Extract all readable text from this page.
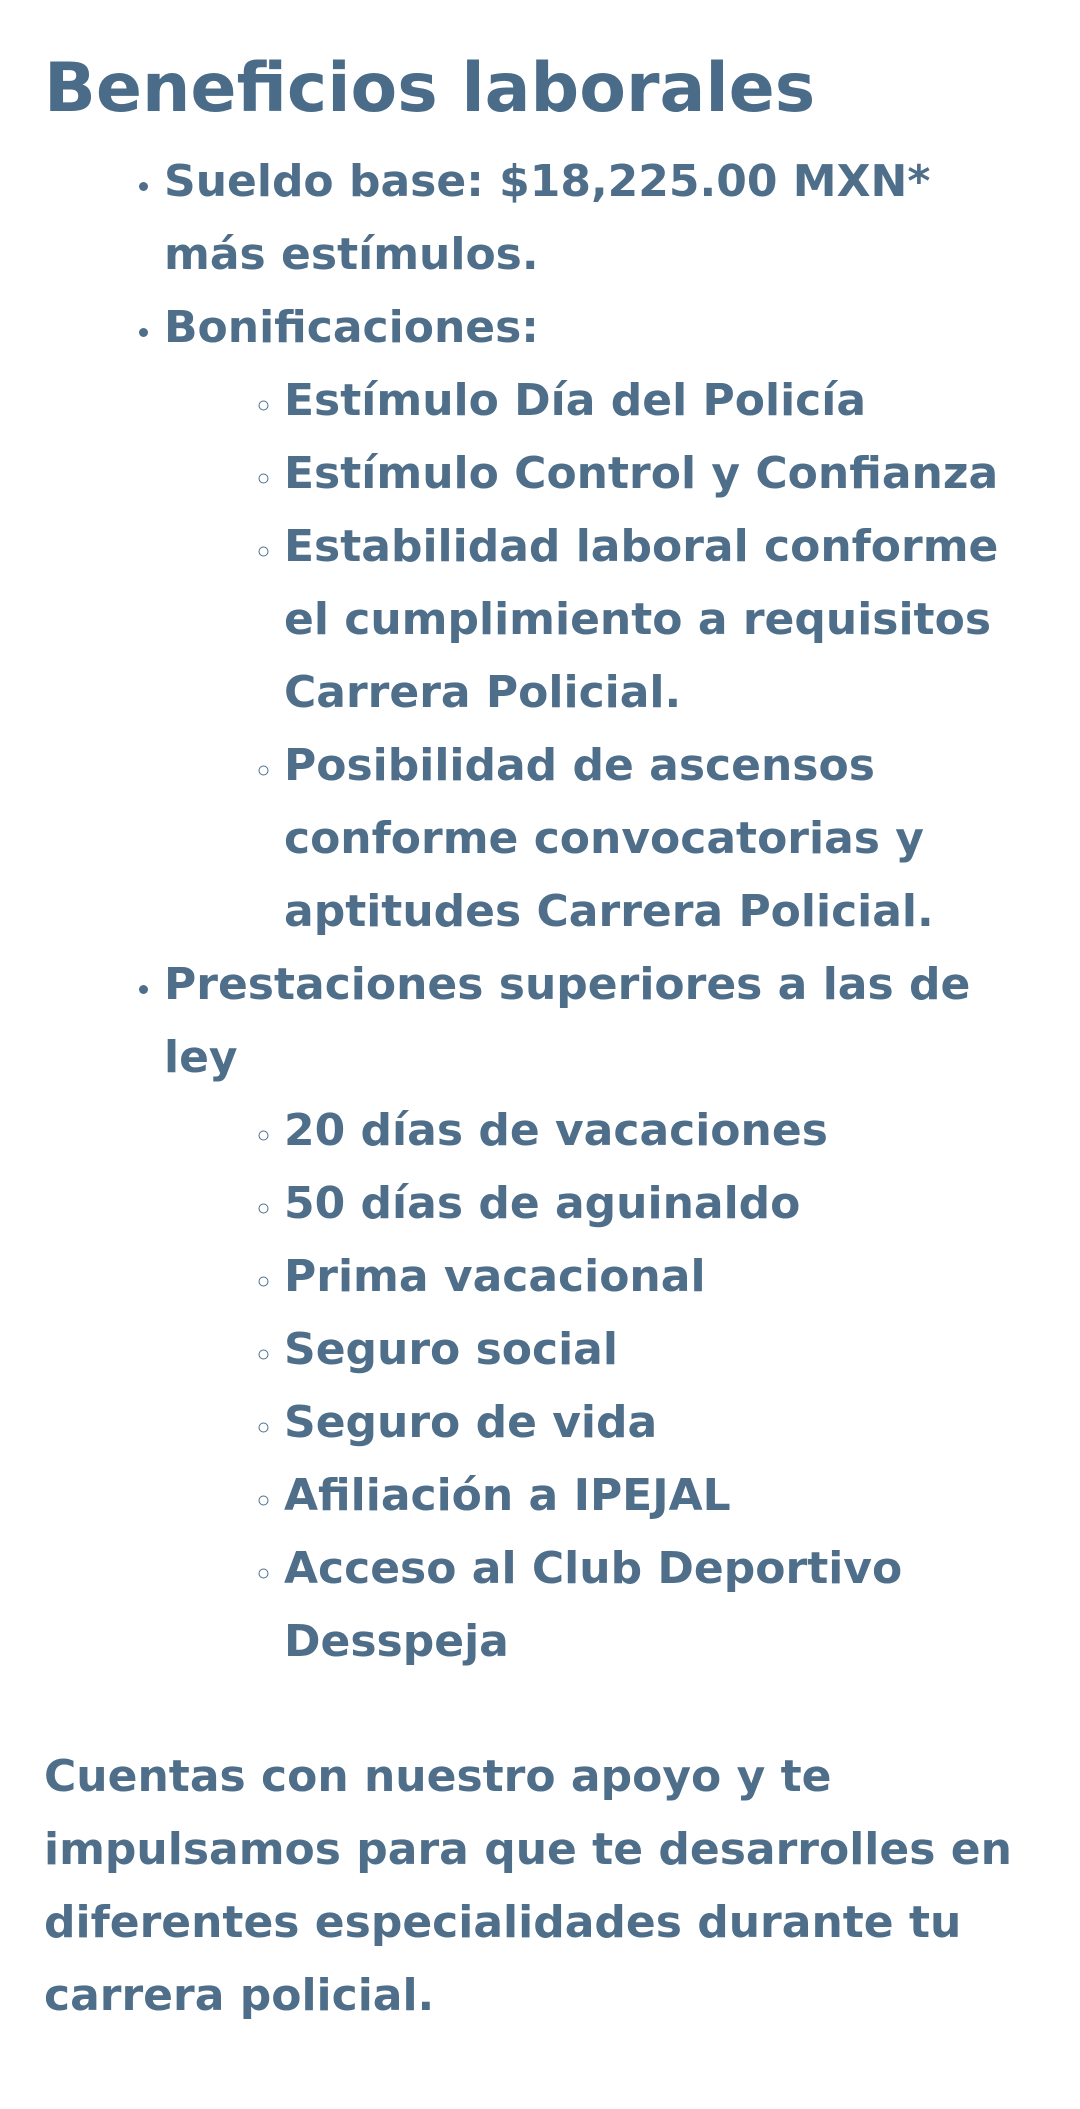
Beneficios laborales
• Sueldo base: $18,225.00 MXN* más estímulos.
• Bonificaciones:
◦ Estímulo Día del Policía
◦ Estímulo Control y Confianza
◦ Estabilidad laboral conforme el cumplimiento a requisitos Carrera Policial.
◦ Posibilidad de ascensos conforme convocatorias y aptitudes Carrera Policial.
• Prestaciones superiores a las de ley
◦ 20 días de vacaciones
◦ 50 días de aguinaldo
◦ Prima vacacional
◦ Seguro social
◦ Seguro de vida
◦ Afiliación a IPEJAL
◦ Acceso al Club Deportivo Desspeja

Cuentas con nuestro apoyo y te impulsamos para que te desarrolles en diferentes especialidades durante tu carrera policial.
